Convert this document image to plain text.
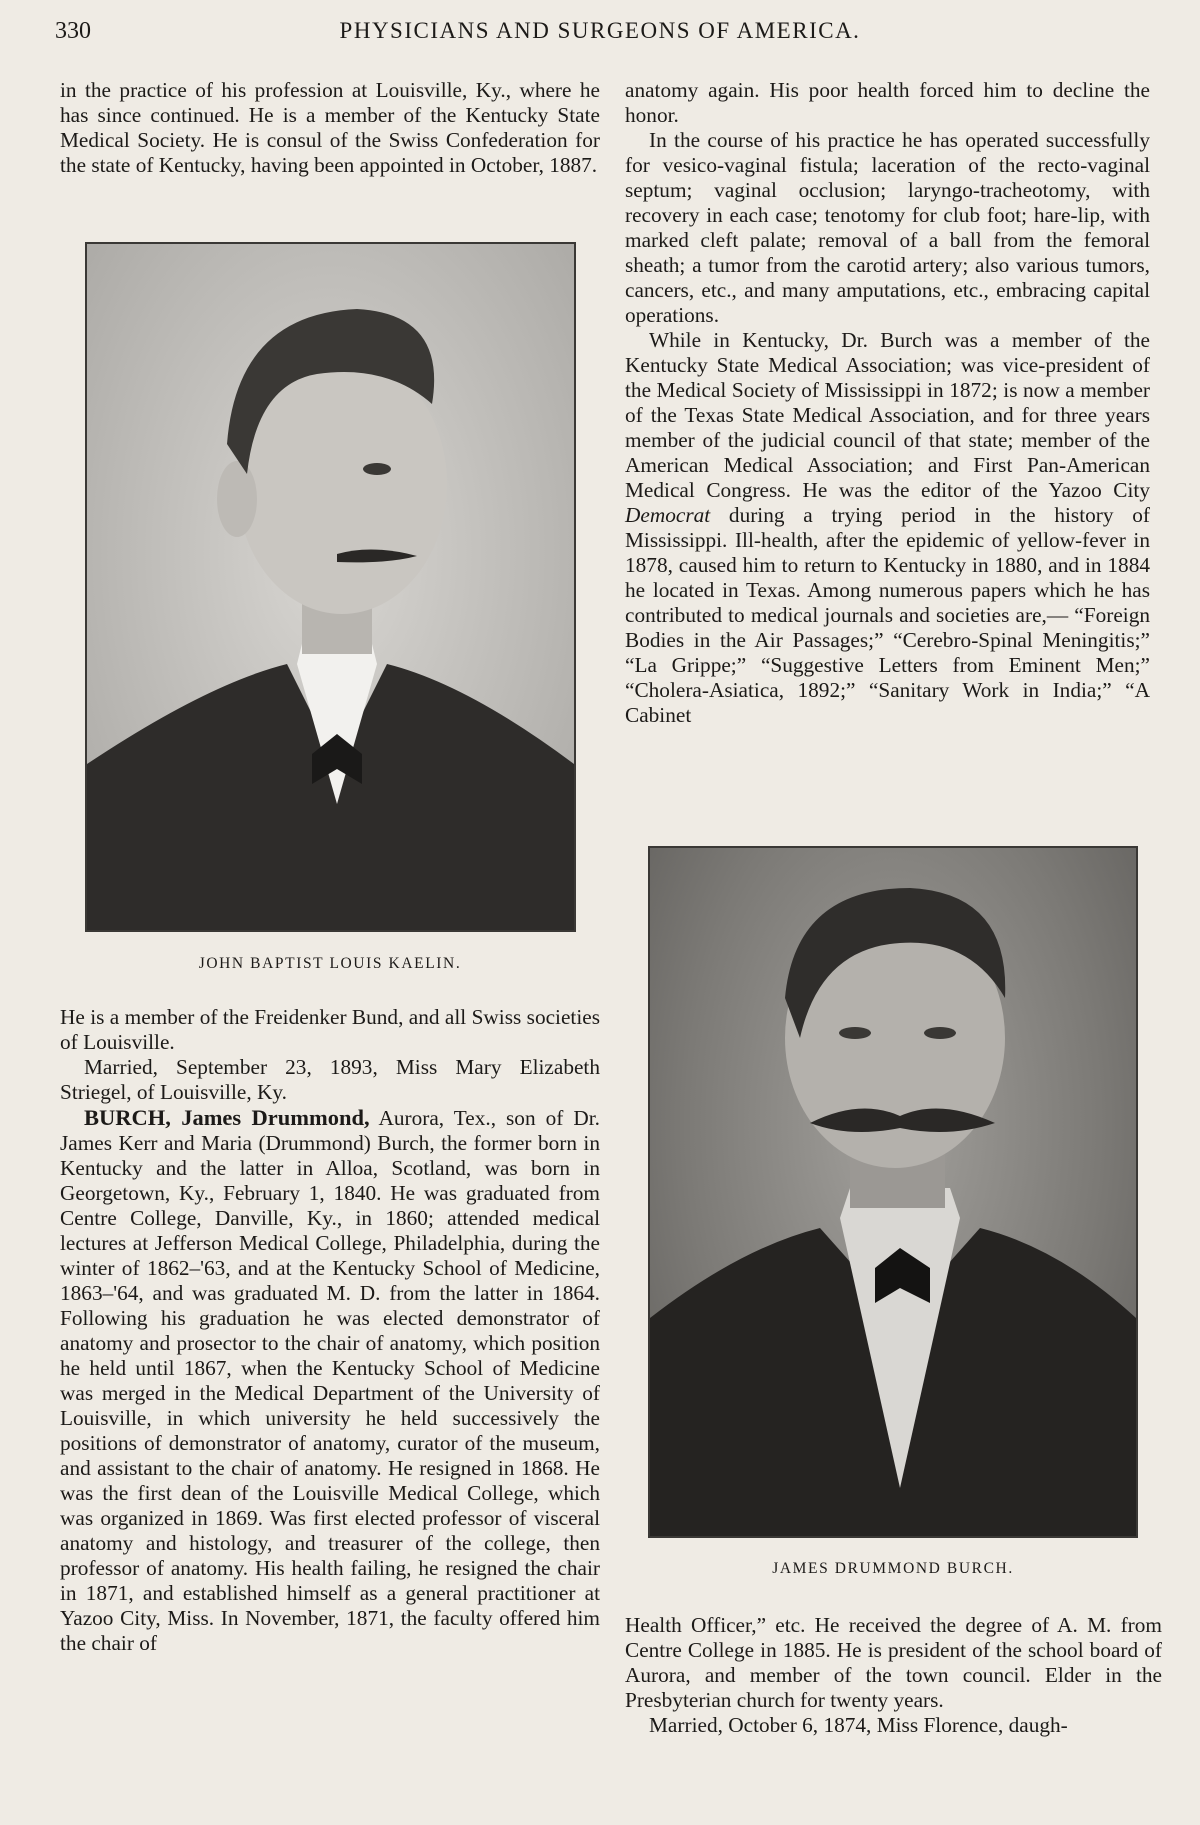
330	PHYSICIANS AND SURGEONS OF AMERICA.

in the practice of his profession at Louisville, Ky., where he has since continued. He is a member of the Kentucky State Medical Society. He is consul of the Swiss Confederation for the state of Kentucky, having been appointed in October, 1887.

JOHN BAPTIST LOUIS KAELIN.

He is a member of the Freidenker Bund, and all Swiss societies of Louisville.

Married, September 23, 1893, Miss Mary Elizabeth Striegel, of Louisville, Ky.

BURCH, James Drummond, Aurora, Tex., son of Dr. James Kerr and Maria (Drummond) Burch, the former born in Kentucky and the latter in Alloa, Scotland, was born in Georgetown, Ky., February 1, 1840. He was graduated from Centre College, Danville, Ky., in 1860; attended medical lectures at Jefferson Medical College, Philadelphia, during the winter of 1862–'63, and at the Kentucky School of Medicine, 1863–'64, and was graduated M. D. from the latter in 1864. Following his graduation he was elected demonstrator of anatomy and prosector to the chair of anatomy, which position he held until 1867, when the Kentucky School of Medicine was merged in the Medical Department of the University of Louisville, in which university he held successively the positions of demonstrator of anatomy, curator of the museum, and assistant to the chair of anatomy. He resigned in 1868. He was the first dean of the Louisville Medical College, which was organized in 1869. Was first elected professor of visceral anatomy and histology, and treasurer of the college, then professor of anatomy. His health failing, he resigned the chair in 1871, and established himself as a general practitioner at Yazoo City, Miss. In November, 1871, the faculty offered him the chair of

anatomy again. His poor health forced him to decline the honor.

In the course of his practice he has operated successfully for vesico-vaginal fistula; laceration of the recto-vaginal septum; vaginal occlusion; laryngo-tracheotomy, with recovery in each case; tenotomy for club foot; hare-lip, with marked cleft palate; removal of a ball from the femoral sheath; a tumor from the carotid artery; also various tumors, cancers, etc., and many amputations, etc., embracing capital operations.

While in Kentucky, Dr. Burch was a member of the Kentucky State Medical Association; was vice-president of the Medical Society of Mississippi in 1872; is now a member of the Texas State Medical Association, and for three years member of the judicial council of that state; member of the American Medical Association; and First Pan-American Medical Congress. He was the editor of the Yazoo City Democrat during a trying period in the history of Mississippi. Ill-health, after the epidemic of yellow-fever in 1878, caused him to return to Kentucky in 1880, and in 1884 he located in Texas. Among numerous papers which he has contributed to medical journals and societies are,— “Foreign Bodies in the Air Passages;” “Cerebro-Spinal Meningitis;” “La Grippe;” “Suggestive Letters from Eminent Men;” “Cholera-Asiatica, 1892;” “Sanitary Work in India;” “A Cabinet

JAMES DRUMMOND BURCH.

Health Officer,” etc. He received the degree of A. M. from Centre College in 1885. He is president of the school board of Aurora, and member of the town council. Elder in the Presbyterian church for twenty years.

Married, October 6, 1874, Miss Florence, daugh-
